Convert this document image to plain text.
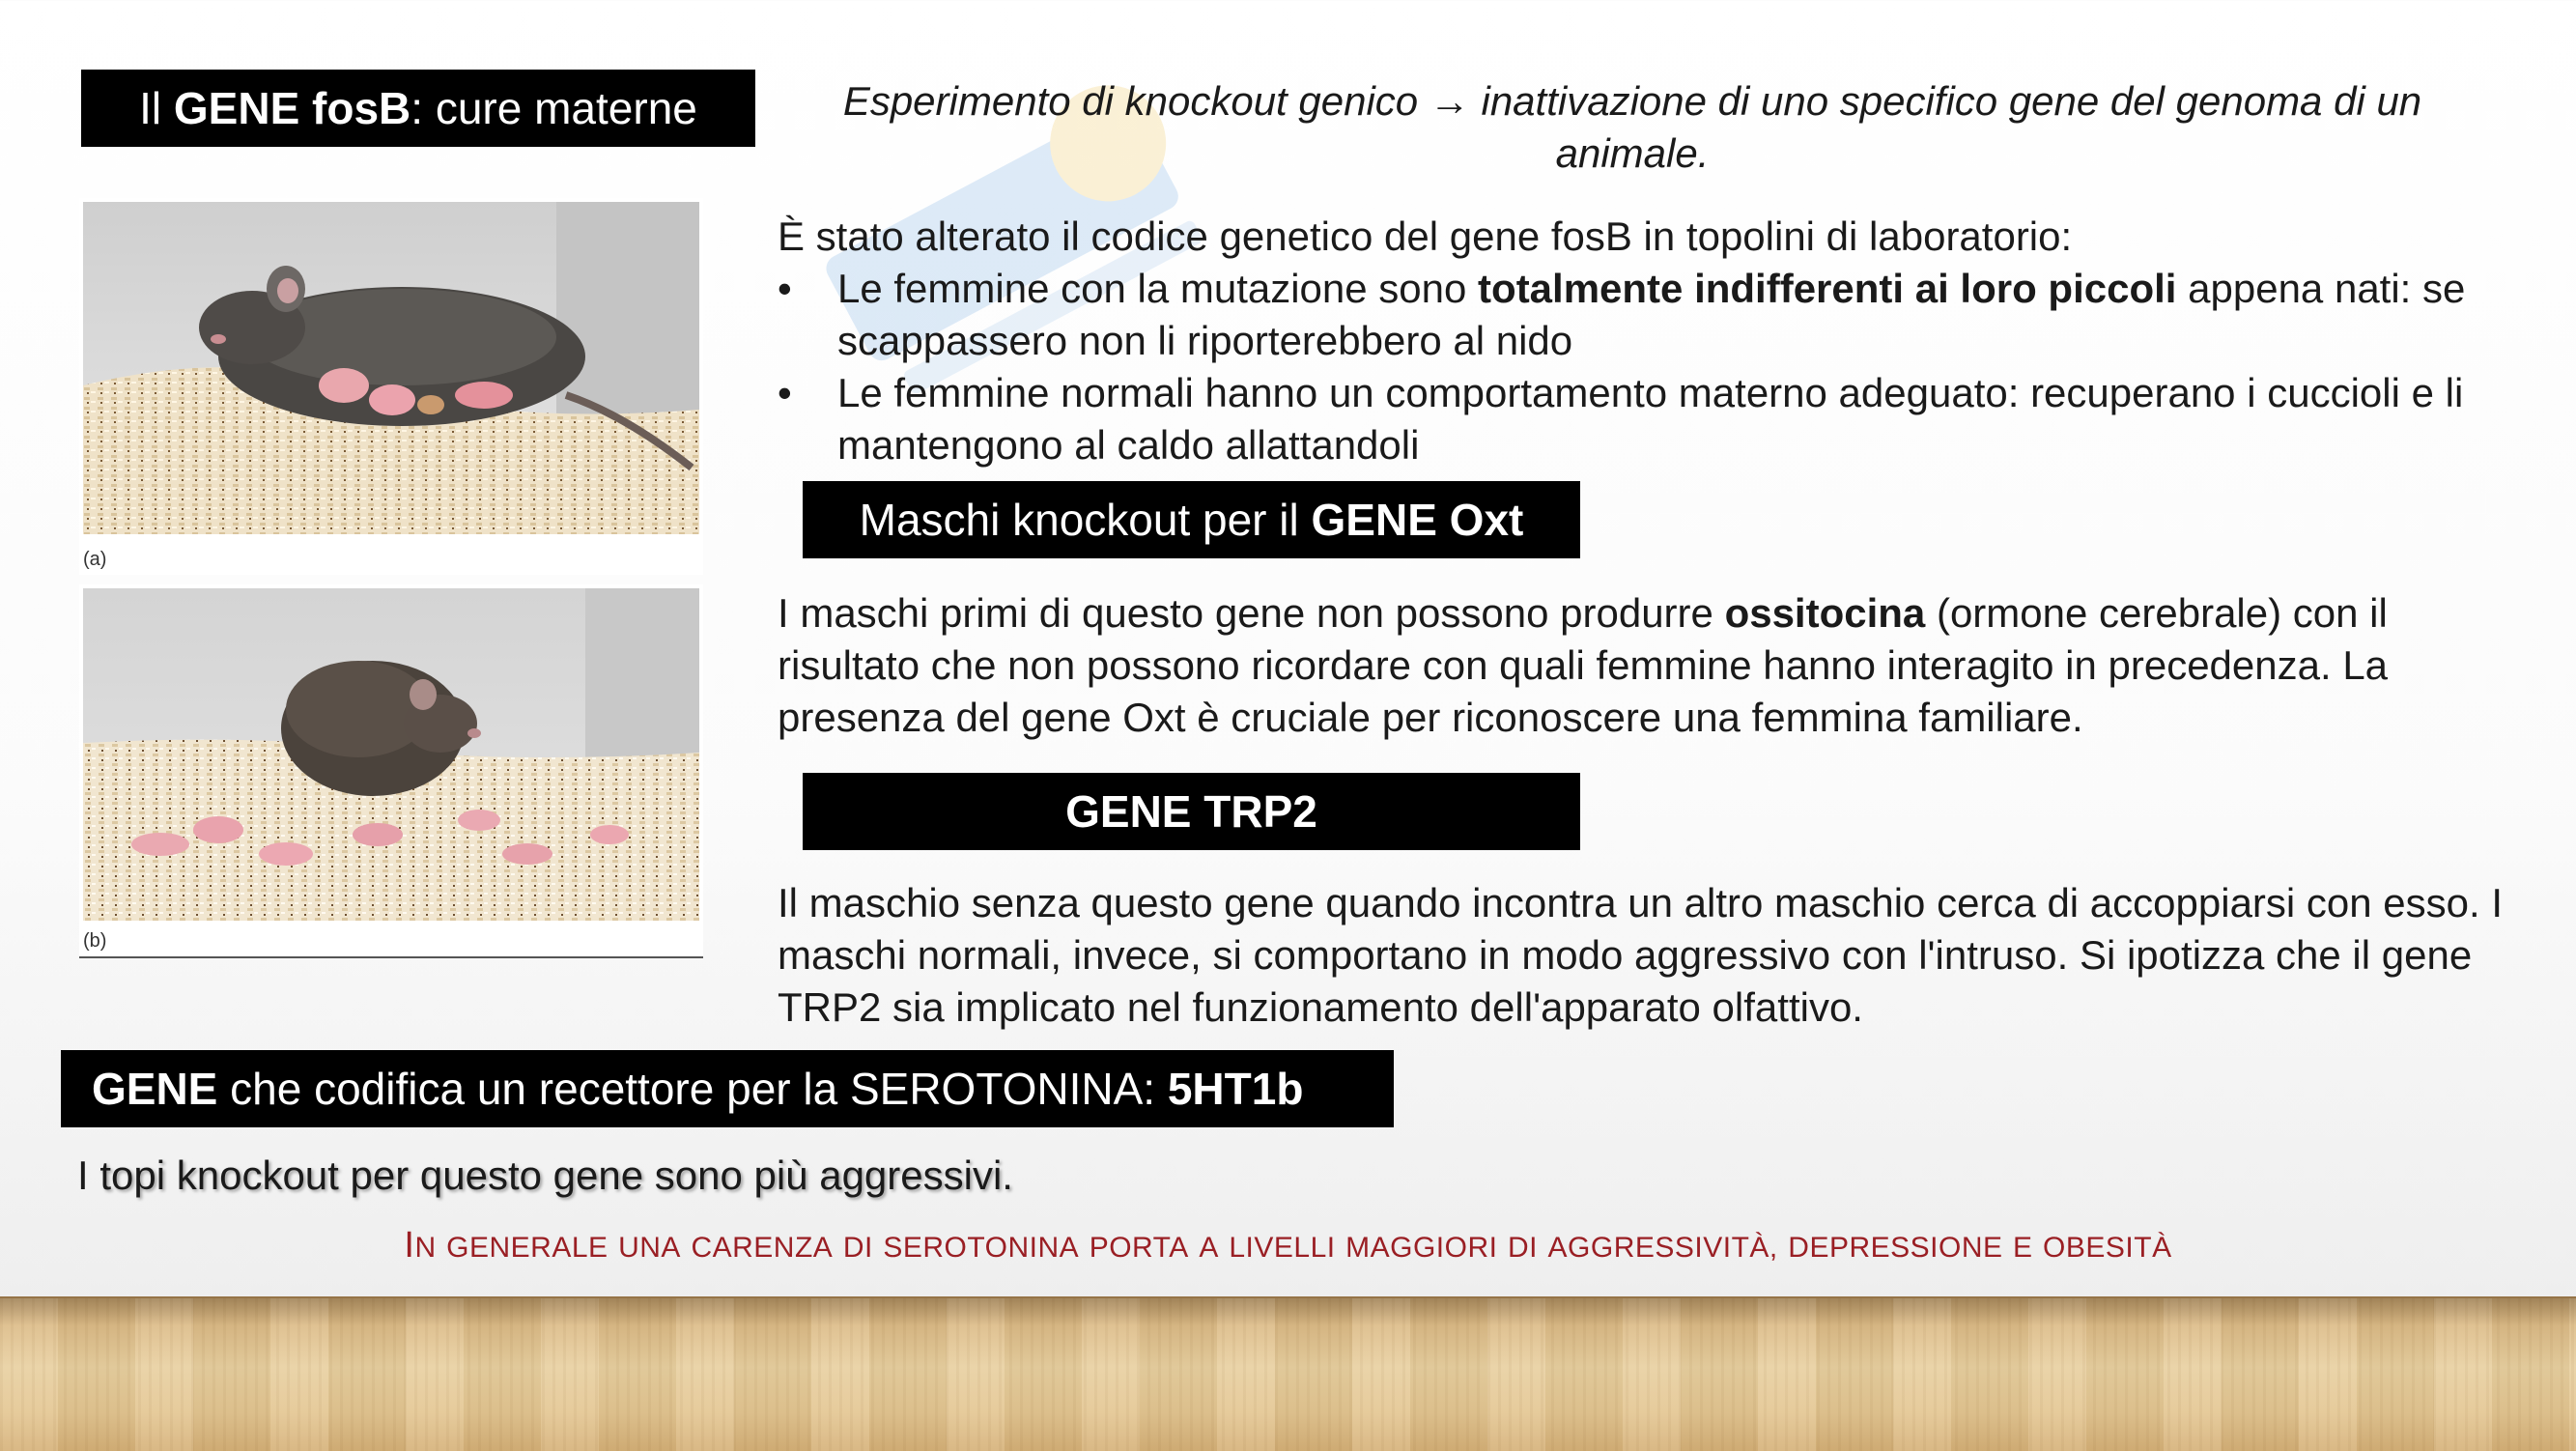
Il GENE fosB : cure materne	Esperimento di knockout genico → inattivazione di uno specifico gene del genoma di un animale.
È stato alterato il codice genetico del gene fosB in topolini di laboratorio:
• Le femmine con la mutazione sono totalmente indifferenti ai loro piccoli appena nati: se scappassero non li riporterebbero al nido
• Le femmine normali hanno un comportamento materno adeguato: recuperano i cuccioli e li mantengono al caldo allattandoli
Maschi knockout per il GENE Oxt
I maschi primi di questo gene non possono produrre ossitocina (ormone cerebrale) con il risultato che non possono ricordare con quali femmine hanno interagito in precedenza. La presenza del gene Oxt è cruciale per riconoscere una femmina familiare.
GENE TRP2
Il maschio senza questo gene quando incontra un altro maschio cerca di accoppiarsi con esso. I maschi normali, invece, si comportano in modo aggressivo con l'intruso. Si ipotizza che il gene TRP2 sia implicato nel funzionamento dell'apparato olfattivo.
GENE che codifica un recettore per la SEROTONINA: 5HT1b
I topi knockout per questo gene sono più aggressivi.
IN GENERALE UNA CARENZA DI SEROTONINA PORTA A LIVELLI MAGGIORI DI AGGRESSIVITÀ, DEPRESSIONE E OBESITÀ
(a)
(b)
